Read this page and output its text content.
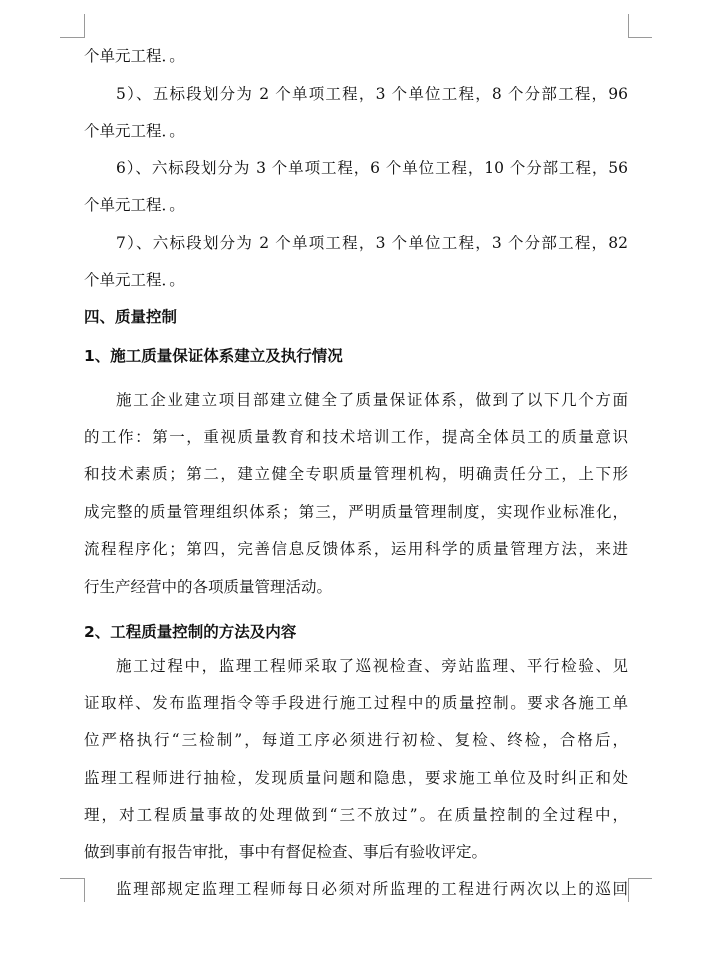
个单元工程．。
5）、五标段划分为 2 个单项工程，3 个单位工程，8 个分部工程，96
个单元工程．。
6）、六标段划分为 3 个单项工程，6 个单位工程，10 个分部工程，56
个单元工程．。
7）、六标段划分为 2 个单项工程，3 个单位工程，3 个分部工程，82
个单元工程．。
四、质量控制
1、施工质量保证体系建立及执行情况
施工企业建立项目部建立健全了质量保证体系，做到了以下几个方面
的工作：第一，重视质量教育和技术培训工作，提高全体员工的质量意识
和技术素质；第二，建立健全专职质量管理机构，明确责任分工，上下形
成完整的质量管理组织体系；第三，严明质量管理制度，实现作业标准化，
流程程序化；第四，完善信息反馈体系，运用科学的质量管理方法，来进
行生产经营中的各项质量管理活动。
2、工程质量控制的方法及内容
施工过程中，监理工程师采取了巡视检查、旁站监理、平行检验、见
证取样、发布监理指令等手段进行施工过程中的质量控制。要求各施工单
位严格执行“三检制”，每道工序必须进行初检、复检、终检，合格后，
监理工程师进行抽检，发现质量问题和隐患，要求施工单位及时纠正和处
理，对工程质量事故的处理做到“三不放过”。在质量控制的全过程中，
做到事前有报告审批，事中有督促检查、事后有验收评定。
监理部规定监理工程师每日必须对所监理的工程进行两次以上的巡回
